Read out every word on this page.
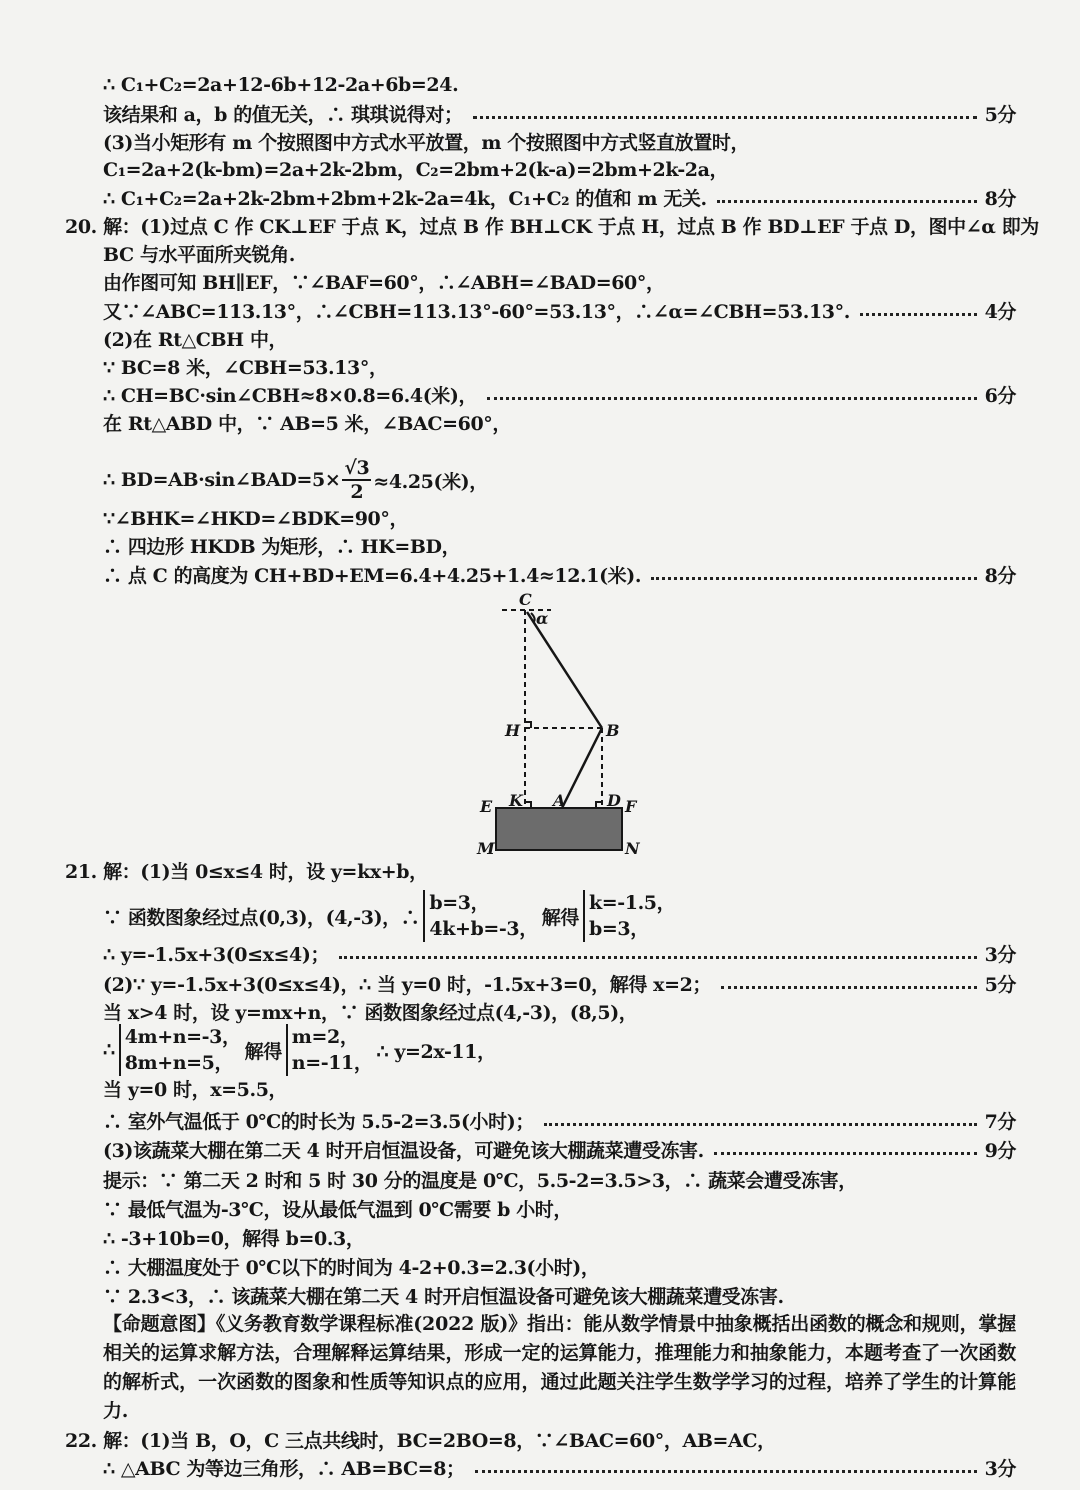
∴ C₁+C₂=2a+12-6b+12-2a+6b=24.
该结果和 a，b 的值无关，∴ 琪琪说得对；	5分
(3)当小矩形有 m 个按照图中方式水平放置，m 个按照图中方式竖直放置时，
C₁=2a+2(k-bm)=2a+2k-2bm，C₂=2bm+2(k-a)=2bm+2k-2a，
∴ C₁+C₂=2a+2k-2bm+2bm+2k-2a=4k，C₁+C₂ 的值和 m 无关.	8分
20. 解：(1)过点 C 作 CK⊥EF 于点 K，过点 B 作 BH⊥CK 于点 H，过点 B 作 BD⊥EF 于点 D，图中∠α 即为
BC 与水平面所夹锐角.
由作图可知 BH∥EF，∵∠BAF=60°，∴∠ABH=∠BAD=60°，
又∵∠ABC=113.13°，∴∠CBH=113.13°-60°=53.13°，∴∠α=∠CBH=53.13°.	4分
(2)在 Rt△CBH 中，
∵ BC=8 米，∠CBH=53.13°，
∴ CH=BC·sin∠CBH≈8×0.8=6.4(米)，	6分
在 Rt△ABD 中，∵ AB=5 米，∠BAC=60°，
∵∠BHK=∠HKD=∠BDK=90°，
∴ 四边形 HKDB 为矩形，∴ HK=BD，
∴ 点 C 的高度为 CH+BD+EM=6.4+4.25+1.4≈12.1(米).	8分
21. 解：(1)当 0≤x≤4 时，设 y=kx+b，
∴ y=-1.5x+3(0≤x≤4)；	3分
(2)∵ y=-1.5x+3(0≤x≤4)，∴ 当 y=0 时，-1.5x+3=0，解得 x=2；	5分
当 x>4 时，设 y=mx+n，∵ 函数图象经过点(4,-3)，(8,5)，
当 y=0 时，x=5.5，
∴ 室外气温低于 0℃的时长为 5.5-2=3.5(小时)；	7分
(3)该蔬菜大棚在第二天 4 时开启恒温设备，可避免该大棚蔬菜遭受冻害.	9分
提示：∵ 第二天 2 时和 5 时 30 分的温度是 0℃，5.5-2=3.5>3，∴ 蔬菜会遭受冻害，
∵ 最低气温为-3℃，设从最低气温到 0℃需要 b 小时，
∴ -3+10b=0，解得 b=0.3，
∴ 大棚温度处于 0℃以下的时间为 4-2+0.3=2.3(小时)，
∵ 2.3<3，∴ 该蔬菜大棚在第二天 4 时开启恒温设备可避免该大棚蔬菜遭受冻害.
22. 解：(1)当 B，O，C 三点共线时，BC=2BO=8，∵∠BAC=60°，AB=AC，
∴ △ABC 为等边三角形，∴ AB=BC=8；	3分
∴ BD=AB·sin∠BAD=5× $\frac{√3}{2} \approx 4.25$(米)，
∵ 函数图象经过点(0,3)，(4,-3)，∴
b=3，
4k+b=-3，
解得
k=-1.5，
b=3，
∴
4m+n=-3，
8m+n=5，
解得
m=2，
n=-11，
∴ y=2x-11，
【命题意图】《义务教育数学课程标准(2022 版)》指出：能从数学情景中抽象概括出函数的概念和规则，掌握相关的运算求解方法，合理解释运算结果，形成一定的运算能力，推理能力和抽象能力，本题考查了一次函数的解析式，一次函数的图象和性质等知识点的应用，通过此题关注学生数学学习的过程，培养了学生的计算能力.
C
α
H	B
E K A	D F
M	N
